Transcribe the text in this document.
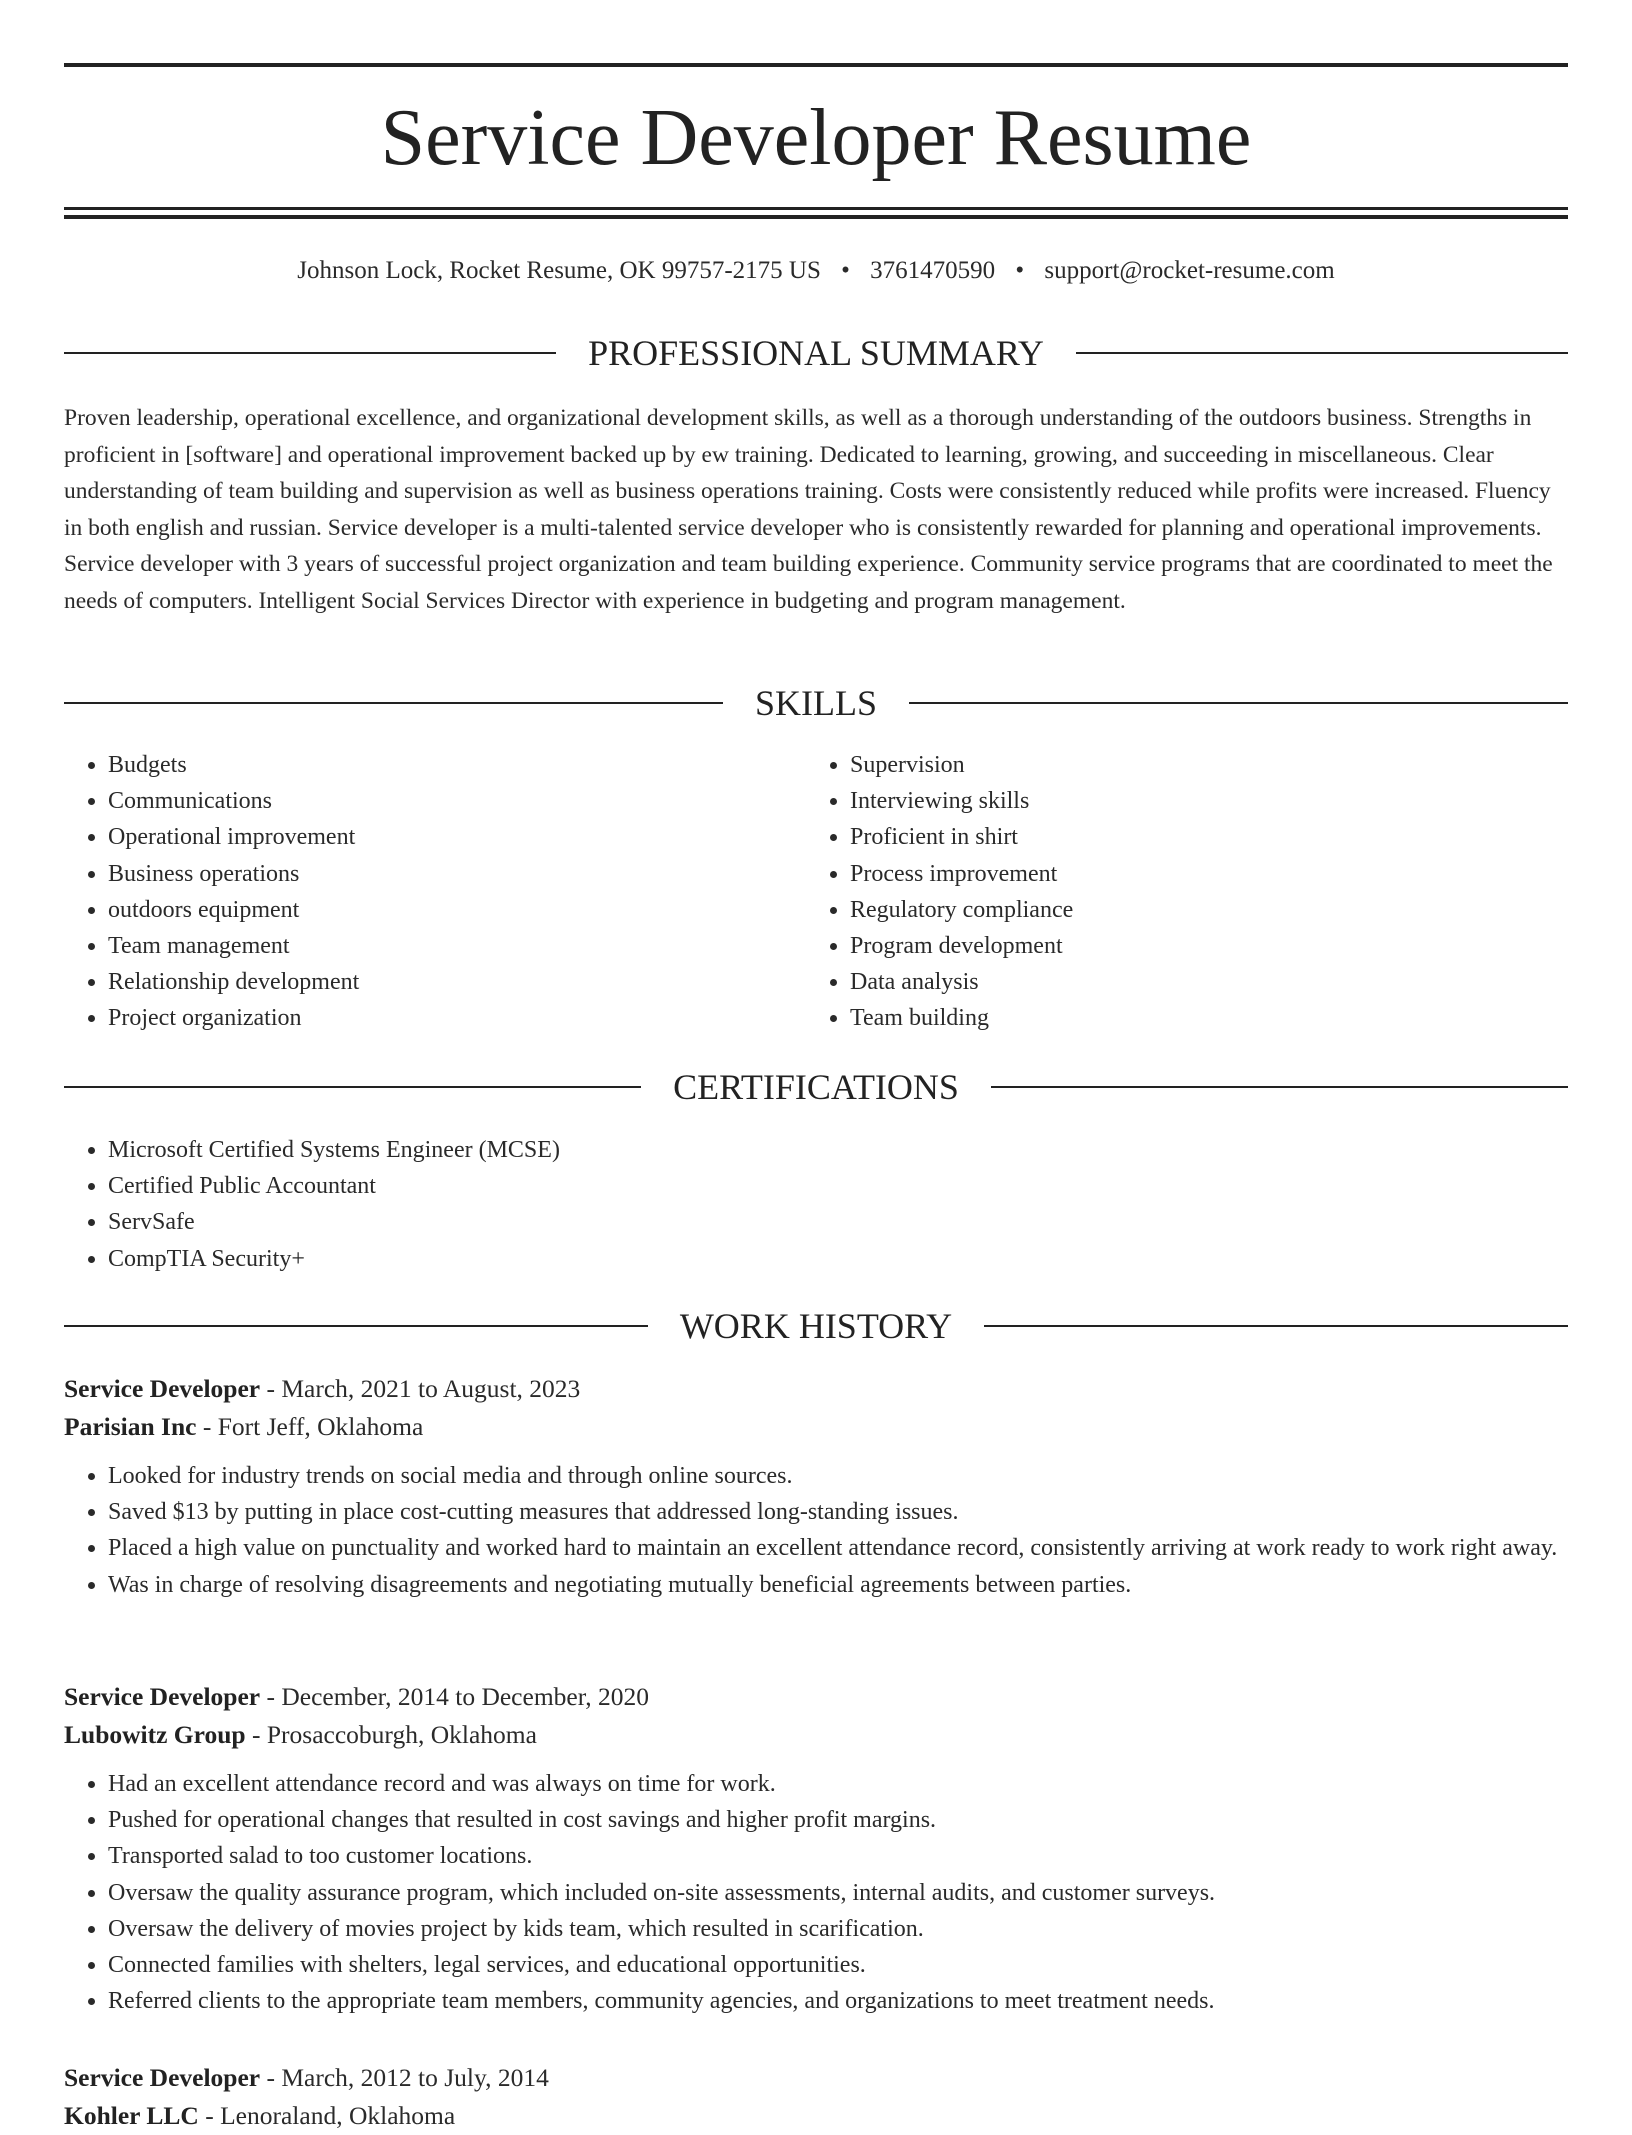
Service Developer Resume
Johnson Lock, Rocket Resume, OK 99757-2175 US • 3761470590 • support@rocket-resume.com
PROFESSIONAL SUMMARY

Proven leadership, operational excellence, and organizational development skills, as well as a thorough understanding of the outdoors business. Strengths in proficient in [software] and operational improvement backed up by ew training. Dedicated to learning, growing, and succeeding in miscellaneous. Clear understanding of team building and supervision as well as business operations training. Costs were consistently reduced while profits were increased. Fluency in both english and russian. Service developer is a multi-talented service developer who is consistently rewarded for planning and operational improvements. Service developer with 3 years of successful project organization and team building experience. Community service programs that are coordinated to meet the needs of computers. Intelligent Social Services Director with experience in budgeting and program management.

SKILLS
• Budgets
• Communications
• Operational improvement
• Business operations
• outdoors equipment
• Team management
• Relationship development
• Project organization
• Supervision
• Interviewing skills
• Proficient in shirt
• Process improvement
• Regulatory compliance
• Program development
• Data analysis
• Team building
CERTIFICATIONS
• Microsoft Certified Systems Engineer (MCSE)
• Certified Public Accountant
• ServSafe
• CompTIA Security+
WORK HISTORY
Service Developer - March, 2021 to August, 2023
Parisian Inc - Fort Jeff, Oklahoma
• Looked for industry trends on social media and through online sources.
• Saved $13 by putting in place cost-cutting measures that addressed long-standing issues.
• Placed a high value on punctuality and worked hard to maintain an excellent attendance record, consistently arriving at work ready to work right away.
• Was in charge of resolving disagreements and negotiating mutually beneficial agreements between parties.
Service Developer - December, 2014 to December, 2020
Lubowitz Group - Prosaccoburgh, Oklahoma
• Had an excellent attendance record and was always on time for work.
• Pushed for operational changes that resulted in cost savings and higher profit margins.
• Transported salad to too customer locations.
• Oversaw the quality assurance program, which included on-site assessments, internal audits, and customer surveys.
• Oversaw the delivery of movies project by kids team, which resulted in scarification.
• Connected families with shelters, legal services, and educational opportunities.
• Referred clients to the appropriate team members, community agencies, and organizations to meet treatment needs.
Service Developer - March, 2012 to July, 2014
Kohler LLC - Lenoraland, Oklahoma
